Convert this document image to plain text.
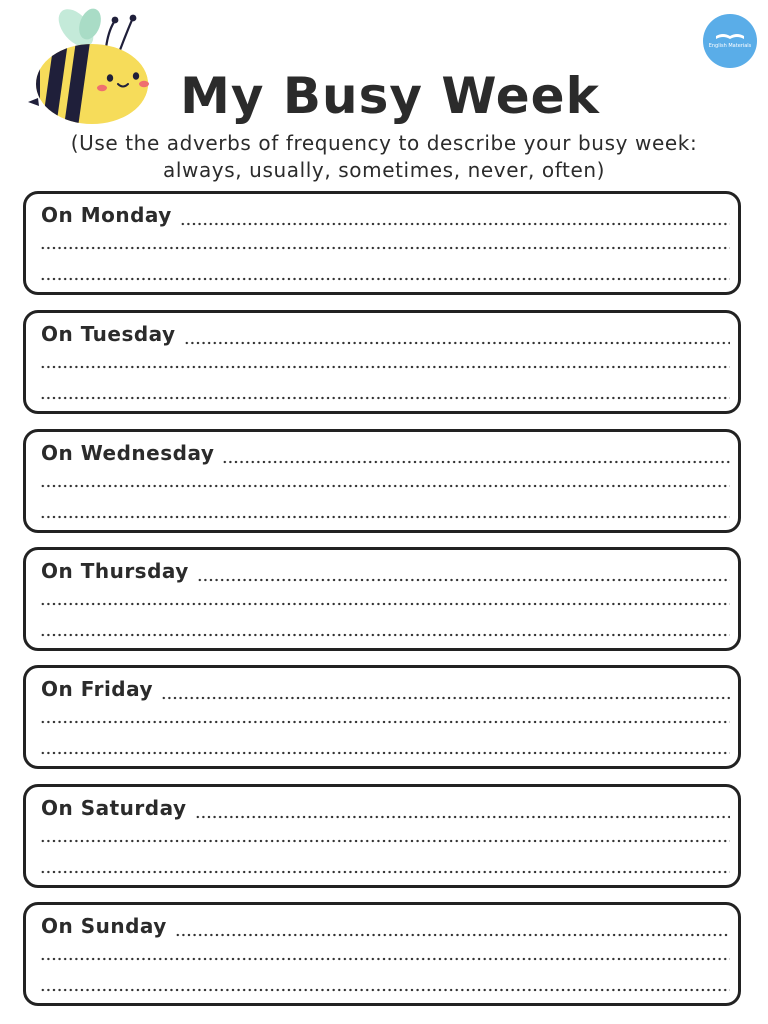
English Materials
My Busy Week
(Use the adverbs of frequency to describe your busy week:
always, usually, sometimes, never, often)
On Monday
On Tuesday
On Wednesday
On Thursday
On Friday
On Saturday
On Sunday
